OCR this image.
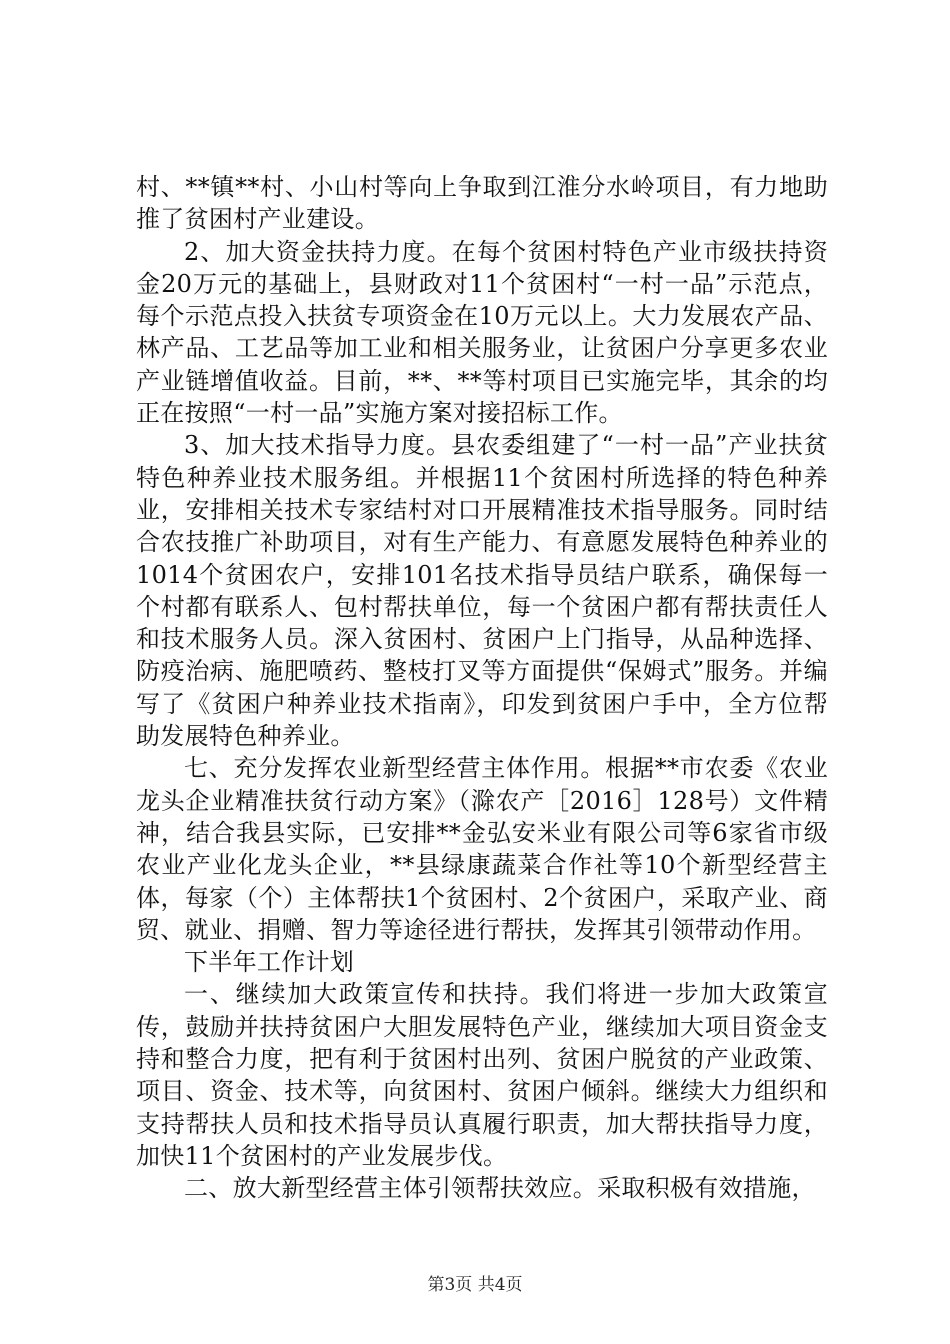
村、**镇**村、小山村等向上争取到江淮分水岭项目，有力地助推了贫困村产业建设。

2、加大资金扶持力度。在每个贫困村特色产业市级扶持资金20万元的基础上，县财政对11个贫困村“一村一品”示范点，每个示范点投入扶贫专项资金在10万元以上。大力发展农产品、林产品、工艺品等加工业和相关服务业，让贫困户分享更多农业产业链增值收益。目前，**、**等村项目已实施完毕，其余的均正在按照“一村一品”实施方案对接招标工作。

3、加大技术指导力度。县农委组建了“一村一品”产业扶贫特色种养业技术服务组。并根据11个贫困村所选择的特色种养业，安排相关技术专家结村对口开展精准技术指导服务。同时结合农技推广补助项目，对有生产能力、有意愿发展特色种养业的1014个贫困农户，安排101名技术指导员结户联系，确保每一个村都有联系人、包村帮扶单位，每一个贫困户都有帮扶责任人和技术服务人员。深入贫困村、贫困户上门指导，从品种选择、防疫治病、施肥喷药、整枝打叉等方面提供“保姆式”服务。并编写了《贫困户种养业技术指南》，印发到贫困户手中，全方位帮助发展特色种养业。

七、充分发挥农业新型经营主体作用。根据**市农委《农业龙头企业精准扶贫行动方案》（滁农产［2016］128号）文件精神，结合我县实际，已安排**金弘安米业有限公司等6家省市级农业产业化龙头企业，**县绿康蔬菜合作社等10个新型经营主体，每家（个）主体帮扶1个贫困村、2个贫困户，采取产业、商贸、就业、捐赠、智力等途径进行帮扶，发挥其引领带动作用。

下半年工作计划

一、继续加大政策宣传和扶持。我们将进一步加大政策宣传，鼓励并扶持贫困户大胆发展特色产业，继续加大项目资金支持和整合力度，把有利于贫困村出列、贫困户脱贫的产业政策、项目、资金、技术等，向贫困村、贫困户倾斜。继续大力组织和支持帮扶人员和技术指导员认真履行职责，加大帮扶指导力度，加快11个贫困村的产业发展步伐。

二、放大新型经营主体引领帮扶效应。采取积极有效措施，

第3页 共4页
